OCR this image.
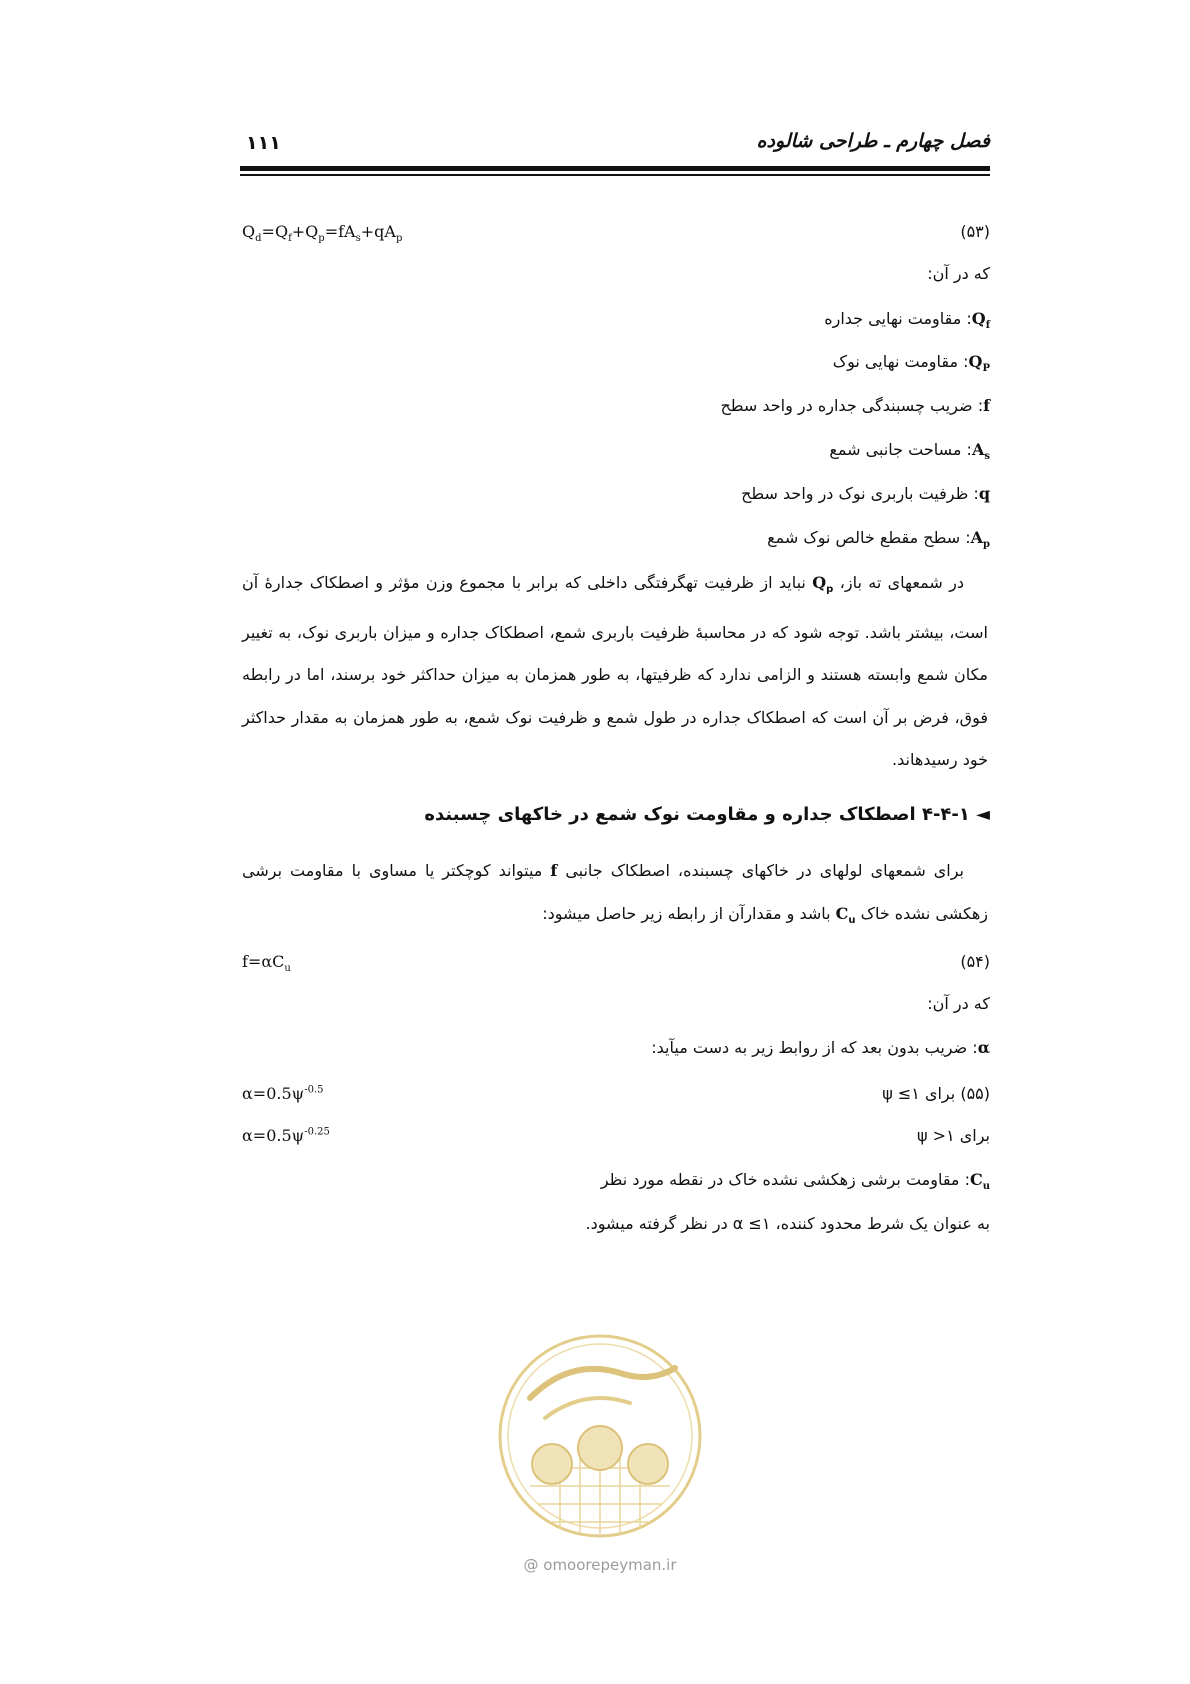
۱۱۱	فصل چهارم ـ طراحی شالوده
$Q_d=Q_f+Q_p=fA_s+qA_p$	(۵۳)
که در آن:
$Q_f$: مقاومت نهایی جداره
$Q_P$: مقاومت نهایی نوک
f: ضریب چسبندگی جداره در واحد سطح
$A_s$: مساحت جانبی شمع
q: ظرفیت باربری نوک در واحد سطح
$A_p$: سطح مقطع خالص نوک شمع
در شمعهای ته باز، $Q_p$ نباید از ظرفیت تهگرفتگی داخلی که برابر با مجموع وزن مؤثر و اصطکاک جدارۀ آن است، بیشتر باشد. توجه شود که در محاسبۀ ظرفیت باربری شمع، اصطکاک جداره و میزان باربری نوک، به تغییر مکان شمع وابسته هستند و الزامی ندارد که ظرفیتها، به طور همزمان به میزان حداکثر خود برسند، اما در رابطه فوق، فرض بر آن است که اصطکاک جداره در طول شمع و ظرفیت نوک شمع، به طور همزمان به مقدار حداکثر خود رسیدهاند.
◄ ۴-۴-۱ اصطکاک جداره و مقاومت نوک شمع در خاکهای چسبنده
برای شمعهای لولهای در خاکهای چسبنده، اصطکاک جانبی f میتواند کوچکتر یا مساوی با مقاومت برشی زهکشی نشده خاک $C_u$ باشد و مقدارآن از رابطه زیر حاصل میشود:
$f=\alpha C_u$	(۵۴)
که در آن:
α: ضریب بدون بعد که از روابط زیر به دست میآید:
$\alpha=0.5\psi^{-0.5}$	(۵۵) برای ۱≥ ψ
$\alpha=0.5\psi^{-0.25}$	برای ۱< ψ
$C_u$: مقاومت برشی زهکشی نشده خاک در نقطه مورد نظر
به عنوان یک شرط محدود کننده، ۱≥ α در نظر گرفته میشود.
@ omoorepeyman.ir
